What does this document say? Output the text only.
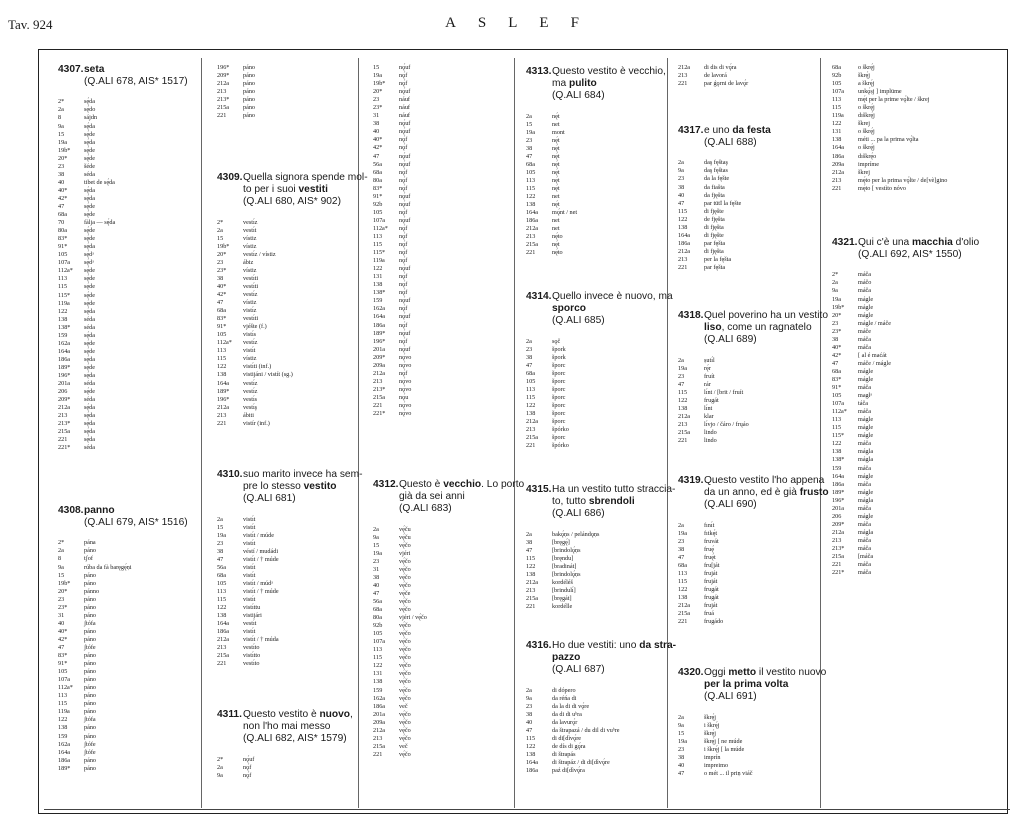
Tav. 924	ASLEF
4307. seta
(Q.ALI 678, AIS* 1517)
2*	sę́da
2a	sę́do
8	sájdn
9a	sę́da
15	sę́de
19a	sę́da
19b* sę́de
20*	sę́de
23	šéde
38	séda
40	tibet de sę́da
40*	sę́da
42*	sę́da
47	sę́de
68a	sę́de
70	fàlja — sę́da
80a	sę́de
83*	sę́de
91*	sę́da
105	sę́dᵃ
107a sę́dᵃ
112a* sę́de
113	sę́de
115	sę́de
115* sę́de
119a sę́de
122	sę́da
138	séda
138* séda
159	sę́da
162a sę́de
164a sę́de
186a sę́da
189* sę́de
196* sę́da
201a séda
206	sę́de
209* séda
212a sę́da
213	sę́da
213* sę́da
215a sę́da
221	sę́da
221* séda
4308. panno
(Q.ALI 679, AIS* 1516)
2*	pána
2a	páno
8	tʃof
9a	rúba da fà baręgę́ṇi
15	páno
19b* páno
20*	pánno
23	páno
23*	páno
31	páno
40	ʃtófa
40*	páno
42*	páno
47	ʃtófe
83*	páno
91*	páno
105	páno
107a páno
112a* páno
113	páno
115	páno
119a páno
122	ʃtófa
138	páno
159	páno
162a ʃtófe
164a ʃtófe
186a páno
189* páno
196* páno
209* páno
212a páno
213	páno
213* páno
215a páno
221	páno
4309. Quella signora spende mol-
to per i suoi vestiti
(Q.ALI 680, AIS* 902)
2*	vestı́z
2a	vestı́t
15	vístiz
19b* vístiz
20*	vestı́z / vístiz
23	ábiz
23*	vístiz
38	vestı́ti
40*	vestı́ti
42*	vestı́z
47	vístiz
68a	vistı́z
83*	vestı́ti
91*	vjéšte (f.)
105	vistı́s
112a* vestı́z
113	vistı́t
115	vístiz
122	vistı́ti (inf.)
138	vistijáni / vistít (sg.)
164a vestı́z
189* vestı́z
196* vestı́s
212a vestı́ş
213	ábiti
221	vistír (inf.)
4310. suo marito invece ha sem-
pre lo stesso vestito
(Q.ALI 681)
2a	vistı́t
15	vistı́t
19a	vistı́t / múde
23	vistı́t
38	véstí / mudádi
47	vistı́t / † múde
56a	vistı́t
68a	vistı́t
105	vistı́t / múdᵃ
113	vistı́t / † múde
115	vistı́t
122	vistı́ttu
138	vistijári
164a vestı́t
186a vistı́t
212a vistı́t / † múda
213	vestı́to
215a vistı́tto
221	vestı́to
4311. Questo vestito è nuovo,
non l'ho mai messo
(Q.ALI 682, AIS* 1579)
2*	nǫ́uf
2a	nǫ́f
9a	nǫ́f
15	nǫ́uf
19a	nǫ́f
19b* nǫ́f
20*	nǫ́uf
23	náuf
23*	náuf
31	náuf
38	nǫ́uf
40	nǫ́uf
40*	nǫ́f
42*	nǫ́f
47	nǫ́uf
56a	nǫ́uf
68a	nǫ́f
80a	nǫ́f
83*	nǫ́f
91*	nǫ́uf
92b	nǫ́uf
105	nǫ́f
107a nǫ́uf
112a* nǫ́f
113	nǫ́f
115	nǫ́f
115* nǫ́f
119a nǫ́f
122	nǫ́uf
131	nǫ́f
138	nǫ́f
138* nǫ́f
159	nǫ́uf
162a nǫ́f
164a nǫ́uf
186a nǫ́f
189* nǫ́uf
196* nǫ́f
201a nǫ́uf
209* nǫ́vo
209a nǫ́vo
212a nǫ́f
213	nǫ́vo
213* nǫ́vo
215a nǫ́u
221	nǫ́vo
221* nǫ́vo
4312. Questo è vecchio. Lo porto
già da sei anni
(Q.ALI 683)
2a	vę́ču
9a	vę́ču
15	vę́čo
19a	vjéri
23	vę́čo
31	vę́čo
38	vę́čo
40	vę́čo
47	vę́če
56a	vę́čo
68a	vę́čo
80a	vjéri / vę́čo
92b	vę́čo
105	vę́čo
107a vę́čo
113	vę́čo
115	vę́čo
122	vę́čo
131	vę́čo
138	vę́čo
159	vę́čo
162a vę́čo
186a več
201a vę́čo
209a vę́čo
212a vę́čo
213	vę́čo
215a več
221	vę́čo
4313. Questo vestito è vecchio,
ma pulito
(Q.ALI 684)
2a	nę́t
15	net
19a	mont
23	nę́t
38	nę́t
47	nę́t
68a	nę́t
105	nę́t
113	nę́t
115	nę́t
122	net
138	nę́t
164a mǫ́nt / net
186a net
212a net
213	nę́to
215a nę́t
221	nę́to
4314. Quello invece è nuovo, ma
sporco
(Q.ALI 685)
2a	sǫč
23	špork
38	špork
47	šporc
68a	šporc
105	šporc
113	šporc
115	šporc
122	šporc
138	šporc
212a šporc
213	špórko
215a šporc
221	špórko
4315. Ha un vestito tutto straccia-
to, tutto sbrendoli
(Q.ALI 686)
2a	bakǫ́ṇs / pelándǫṇs
38	[bręgę́]
47	[brindolǫ́ṇs
115	[bręndu]
122	[bradinát]
138	[brindolǫ́ṇs
212a kordéléš
213	[brindulı́]
215a [bręgát]
221	kordélle
4316. Ho due vestiti: uno da stra-
pazzo
(Q.ALI 687)
2a	di dópero
9a	da réńa di
23	da la di di vǫ́re
38	da di di uᵇra
40	da lavurǫ́r
47	da štrapazá / du dil di vuᵇre
115	di di[dìvǫ́re
122	de dís di gǫ́ra
138	di štrapás
164a di štrapáz / di di[dìvǫ́re
186a paź di[dìvǫ́ra
212a di dis di vǫ́ra
213	de lavorá
221	par ǵǫrni de lavǫ́r
4317. e uno da festa
(Q.ALI 688)
2a	daş fęštaş
9a	daş fęštas
23	da la fęšte
38	da fiašta
40	da fjęšta
47	par tütİ la fęšte
115	di fjęšte
122	de fjęšta
138	di fjęšta
164a di fjęšte
186a par fęšta
212a di fjęšta
213	per la fęšta
221	par fęšta
4318. Quel poverino ha un vestito
liso, come un ragnatelo
(Q.ALI 689)
2a	ṣutı́l
19a	rę́r
23	fruít
47	rár
115	lı́nt / [brit / fruít
122	frugát
138	lı́nt
212a klar
213	lı́vjo / čáro / frųáo
215a lindo
221	lindo
4319. Questo vestito l'ho appena
da un anno, ed è già frusto
(Q.ALI 690)
2a	fını́t
19a	fıtkę́t
23	fruvát
38	fruę́
47	fruę́t
68a	fru[ját
113	fruját
115	fruját
122	frugát
138	frugát
212a fruját
215a fruá
221	frugádo
4320. Oggi metto il vestito nuovo
per la prima volta
(Q.ALI 691)
2a	škrę́j
9a	i škrę́j
15	škrę́j
19a	škrę́j [ ne múde
23	i škrę́j [ la múde
38	imprín
40	impreimo
47	o mét ... il priṇ viáč
68a	o škrę́j
92b	škrę́j
105	a škrę́j
107a unkǫ́ṣj ] implüme
113	mę́t per la prime vǫ́lte / škrej
115	o škrę́j
119a dıškrę́j
122	škrej
131	o škrę́j
138	méti ... pa la prima vǫ́lta
164a o škrę́j
186a dıškrę́o
209a impríme
212a škrej
213	mę́to per la prima vǫ́lte / de[vè]gino
221	mę́to [ vestìto nóvo
4321. Qui c'è una macchia d'olio
(Q.ALI 692, AIS* 1550)
2*	máča
2a	máčo
9a	máča
19a	mágle
19b* mágle
20*	mágle
23	mágle / máče
23*	máče
38	máča
40*	máča
42*	[ al é maćát
47	máče / mágle
68a	mágle
83*	mágle
91*	máča
105	magłᵃ
107a táča
112a* máča
113	mágle
115	mágle
115* mágle
122	máča
138	mágla
138* mágla
159	máča
164a mágle
186a máča
189* mágle
196* mágla
201a máča
206	mágle
209* máča
212a mágla
213	máča
213* máča
215a [máča
221	máča
221* máča
